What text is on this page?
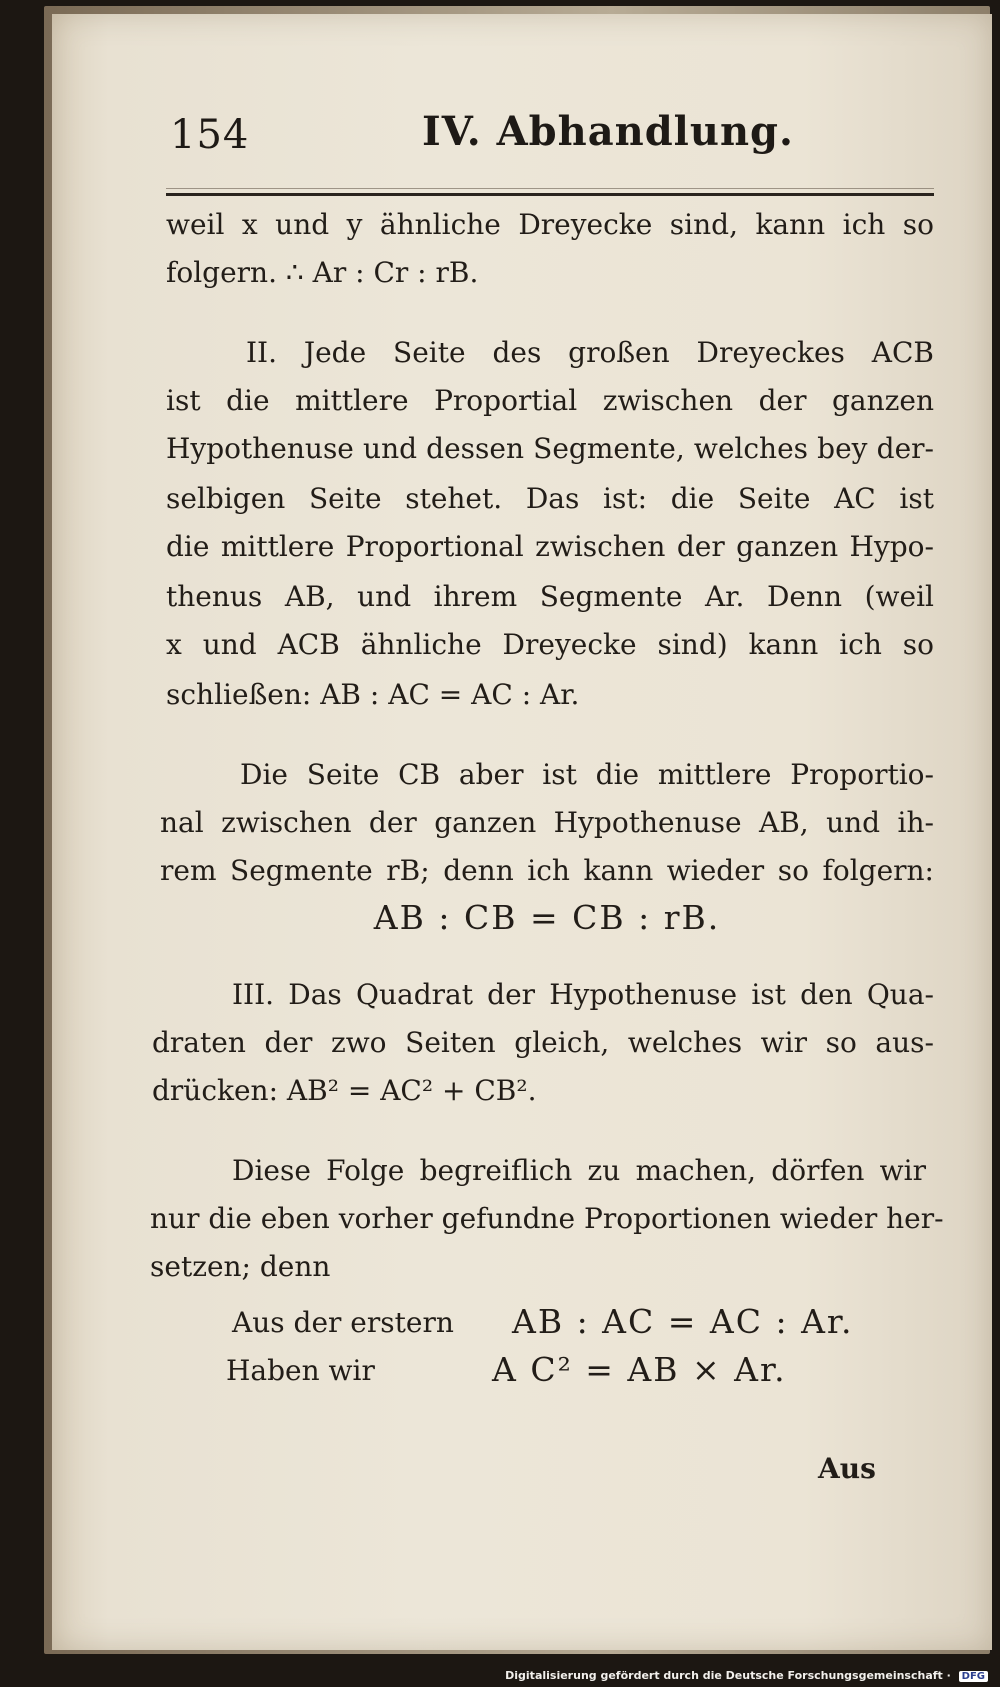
154	IV. Abhandlung.
weil x und y ähnliche Dreyecke sind, kann ich so
folgern. ∴ Ar : Cr : rB.
II. Jede Seite des großen Dreyeckes ACB
ist die mittlere Proportial zwischen der ganzen
Hypothenuse und dessen Segmente, welches bey der-
selbigen Seite stehet. Das ist: die Seite AC ist
die mittlere Proportional zwischen der ganzen Hypo-
thenus AB, und ihrem Segmente Ar. Denn (weil
x und ACB ähnliche Dreyecke sind) kann ich so
schließen: AB : AC = AC : Ar.
Die Seite CB aber ist die mittlere Proportio-
nal zwischen der ganzen Hypothenuse AB, und ih-
rem Segmente rB; denn ich kann wieder so folgern:
AB : CB = CB : rB.
III. Das Quadrat der Hypothenuse ist den Qua-
draten der zwo Seiten gleich, welches wir so aus-
drücken: AB² = AC² + CB².
Diese Folge begreiflich zu machen, dörfen wir
nur die eben vorher gefundne Proportionen wieder her-
setzen; denn
Aus der erstern AB : AC = AC : Ar.
Haben wir	A C² = AB × Ar.
Aus
Digitalisierung gefördert durch die Deutsche Forschungsgemeinschaft · DFG
